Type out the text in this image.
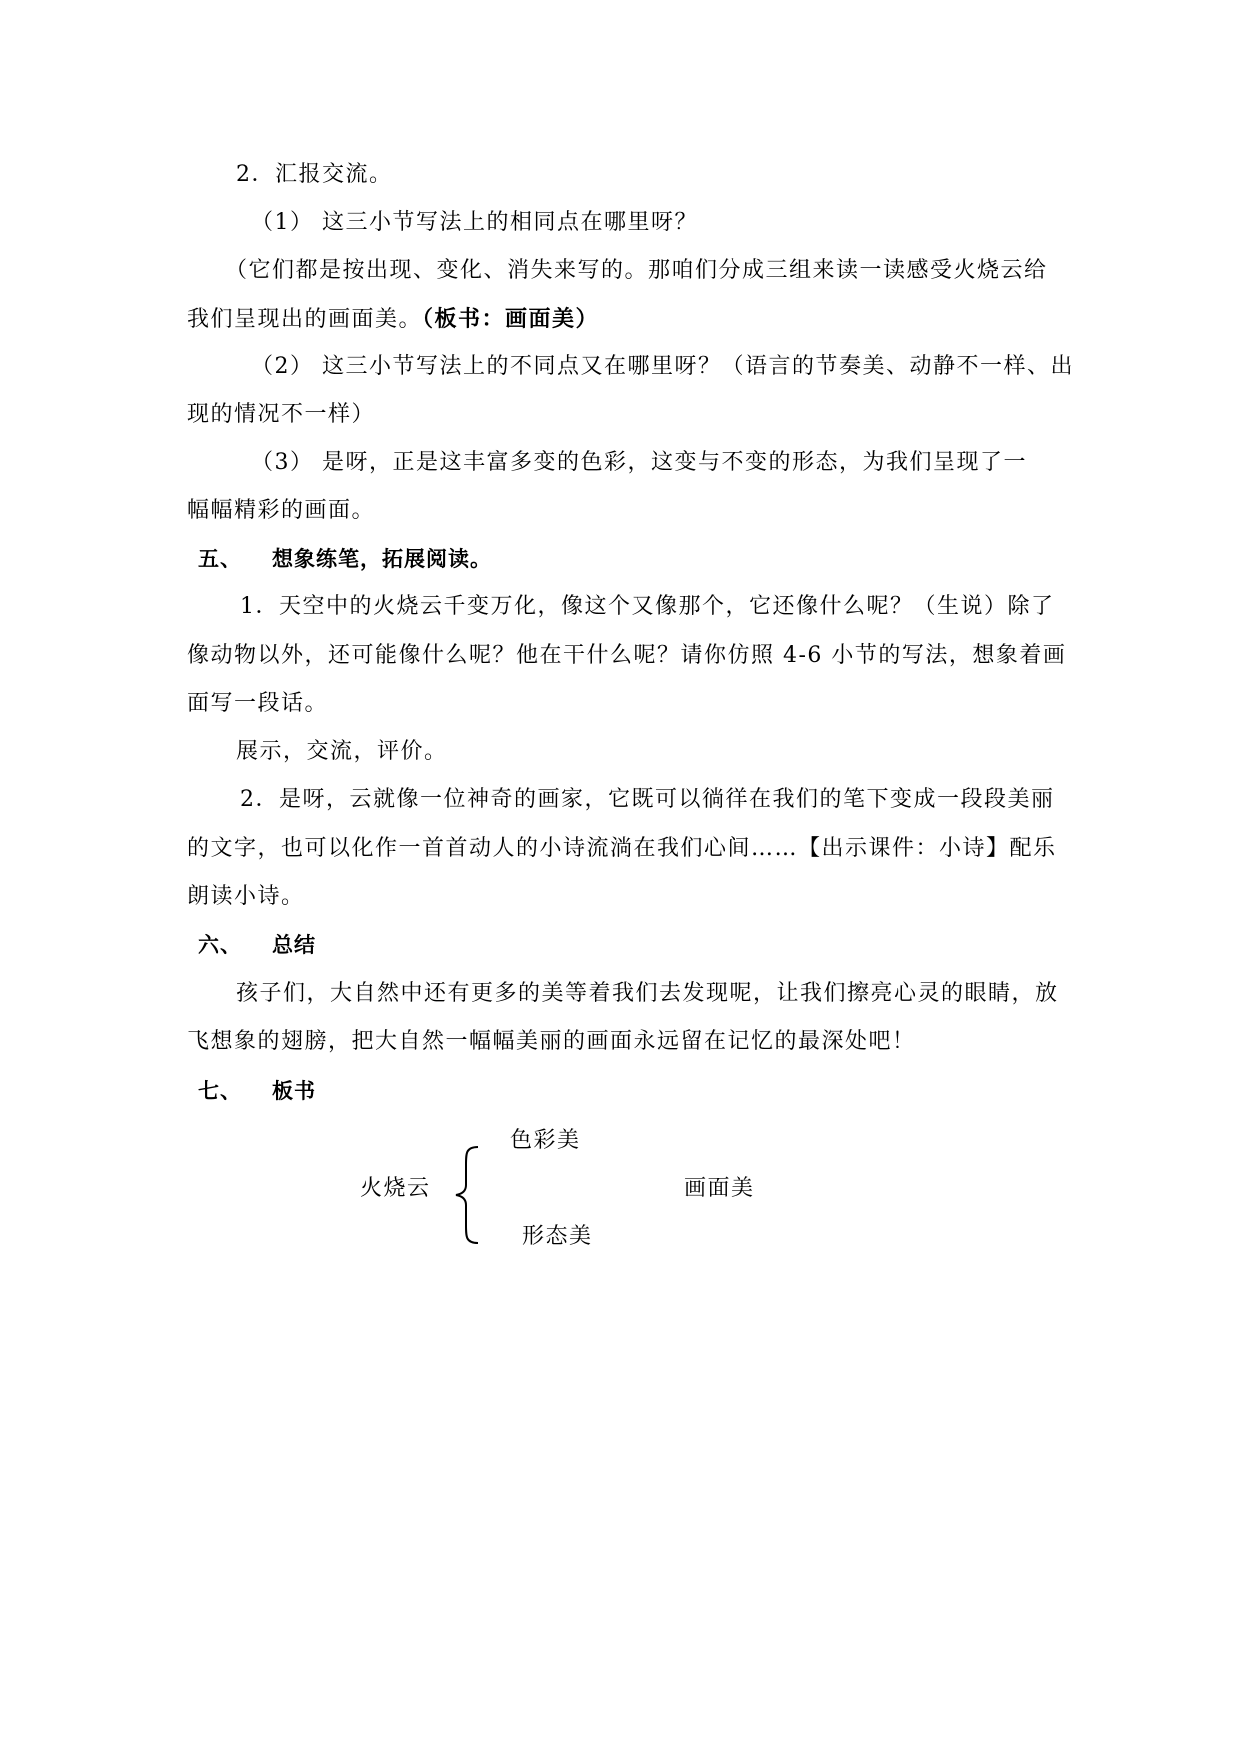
2．汇报交流。
（1） 这三小节写法上的相同点在哪里呀？
（它们都是按出现、变化、消失来写的。那咱们分成三组来读一读感受火烧云给
我们呈现出的画面美。（板书：画面美）
（2） 这三小节写法上的不同点又在哪里呀？（语言的节奏美、动静不一样、出
现的情况不一样）
（3） 是呀，正是这丰富多变的色彩，这变与不变的形态，为我们呈现了一
幅幅精彩的画面。
五、 想象练笔，拓展阅读。
1．天空中的火烧云千变万化，像这个又像那个，它还像什么呢？（生说）除了
像动物以外，还可能像什么呢？他在干什么呢？请你仿照 4-6 小节的写法，想象着画
面写一段话。
展示，交流，评价。
2．是呀，云就像一位神奇的画家，它既可以徜徉在我们的笔下变成一段段美丽
的文字，也可以化作一首首动人的小诗流淌在我们心间……【出示课件：小诗】配乐
朗读小诗。
六、 总结
孩子们，大自然中还有更多的美等着我们去发现呢，让我们擦亮心灵的眼睛，放
飞想象的翅膀，把大自然一幅幅美丽的画面永远留在记忆的最深处吧！
七、 板书
火烧云
色彩美
形态美
画面美
